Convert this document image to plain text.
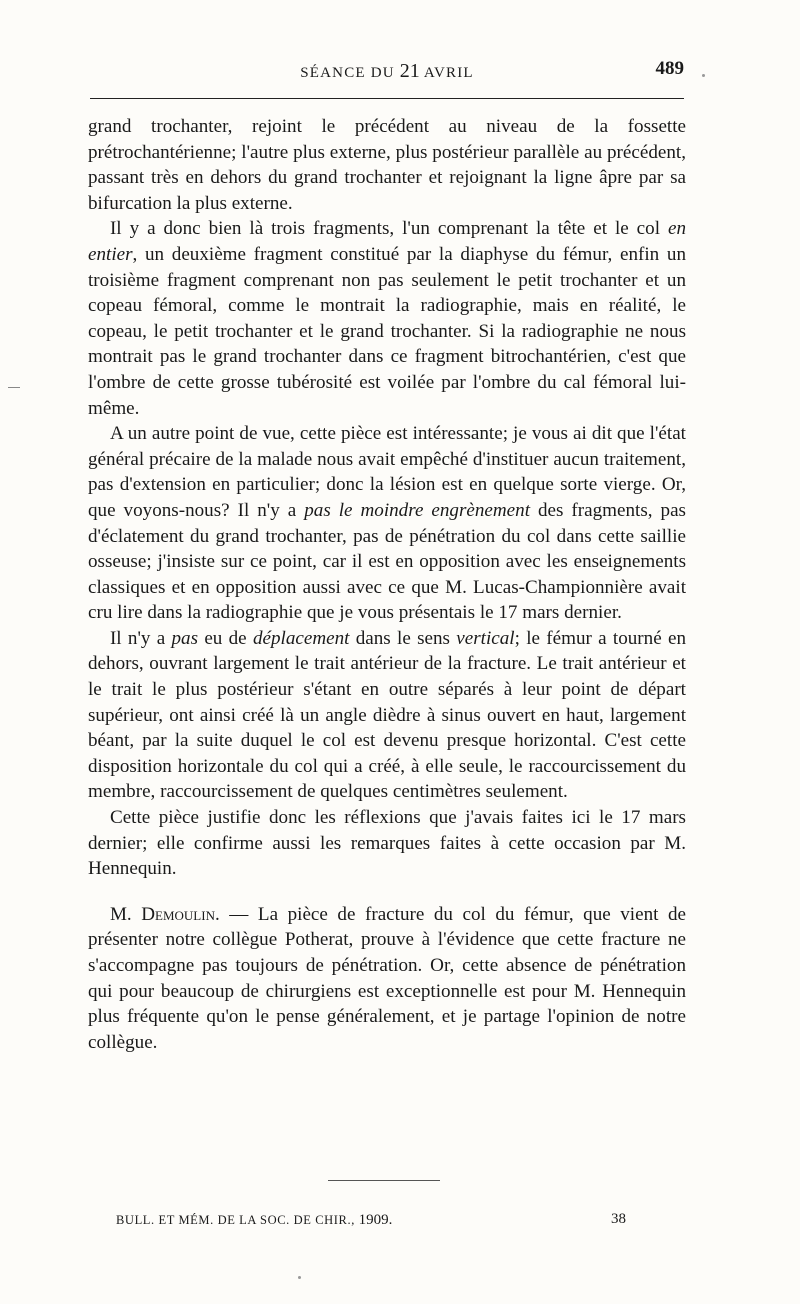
SÉANCE DU 21 AVRIL	489

grand trochanter, rejoint le précédent au niveau de la fossette prétrochantérienne; l'autre plus externe, plus postérieur parallèle au précédent, passant très en dehors du grand trochanter et rejoignant la ligne âpre par sa bifurcation la plus externe.

Il y a donc bien là trois fragments, l'un comprenant la tête et le col en entier, un deuxième fragment constitué par la diaphyse du fémur, enfin un troisième fragment comprenant non pas seulement le petit trochanter et un copeau fémoral, comme le montrait la radiographie, mais en réalité, le copeau, le petit trochanter et le grand trochanter. Si la radiographie ne nous montrait pas le grand trochanter dans ce fragment bitrochantérien, c'est que l'ombre de cette grosse tubérosité est voilée par l'ombre du cal fémoral lui-même.

A un autre point de vue, cette pièce est intéressante; je vous ai dit que l'état général précaire de la malade nous avait empêché d'instituer aucun traitement, pas d'extension en particulier; donc la lésion est en quelque sorte vierge. Or, que voyons-nous? Il n'y a pas le moindre engrènement des fragments, pas d'éclatement du grand trochanter, pas de pénétration du col dans cette saillie osseuse; j'insiste sur ce point, car il est en opposition avec les enseignements classiques et en opposition aussi avec ce que M. Lucas-Championnière avait cru lire dans la radiographie que je vous présentais le 17 mars dernier.

Il n'y a pas eu de déplacement dans le sens vertical; le fémur a tourné en dehors, ouvrant largement le trait antérieur de la fracture. Le trait antérieur et le trait le plus postérieur s'étant en outre séparés à leur point de départ supérieur, ont ainsi créé là un angle dièdre à sinus ouvert en haut, largement béant, par la suite duquel le col est devenu presque horizontal. C'est cette disposition horizontale du col qui a créé, à elle seule, le raccourcissement du membre, raccourcissement de quelques centimètres seulement.

Cette pièce justifie donc les réflexions que j'avais faites ici le 17 mars dernier; elle confirme aussi les remarques faites à cette occasion par M. Hennequin.

M. Demoulin. — La pièce de fracture du col du fémur, que vient de présenter notre collègue Potherat, prouve à l'évidence que cette fracture ne s'accompagne pas toujours de pénétration. Or, cette absence de pénétration qui pour beaucoup de chirurgiens est exceptionnelle est pour M. Hennequin plus fréquente qu'on le pense généralement, et je partage l'opinion de notre collègue.

BULL. ET MÉM. DE LA SOC. DE CHIR., 1909.	38
